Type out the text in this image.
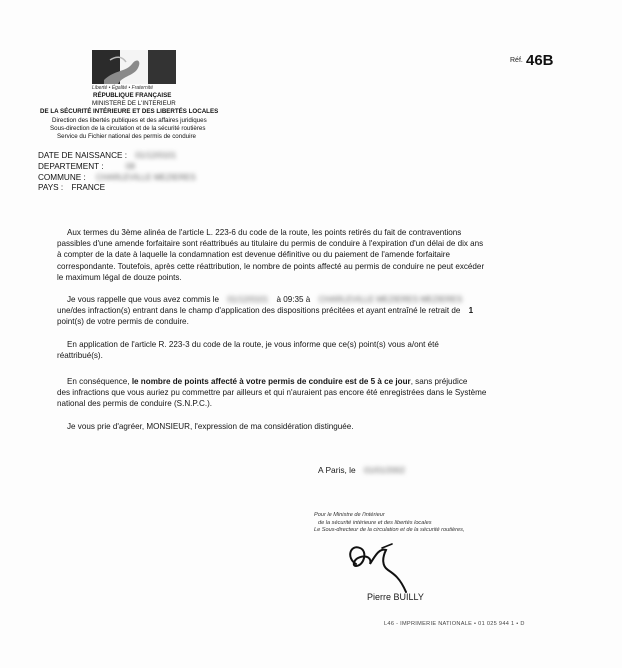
Liberté • Égalité • Fraternité
RÉPUBLIQUE FRANÇAISE
MINISTERE DE L'INTERIEUR
DE LA SÉCURITÉ INTÉRIEURE ET DES LIBERTÉS LOCALES
Direction des libertés publiques et des affaires juridiques
Sous-direction de la circulation et de la sécurité routières
Service du Fichier national des permis de conduire
Réf. 46B
DATE DE NAISSANCE : 01/12/0101
DEPARTEMENT :	08
COMMUNE : CHARLEVILLE MEZIERES
PAYS : FRANCE
Aux termes du 3ème alinéa de l'article L. 223-6 du code de la route, les points retirés du fait de contraventions
passibles d'une amende forfaitaire sont réattribués au titulaire du permis de conduire à l'expiration d'un délai de dix ans
à compter de la date à laquelle la condamnation est devenue définitive ou du paiement de l'amende forfaitaire
correspondante. Toutefois, après cette réattribution, le nombre de points affecté au permis de conduire ne peut excéder
le maximum légal de douze points.
Je vous rappelle que vous avez commis le 01/12/0101 à 09:35 à CHARLEVILLE MEZIERES MEZIERES
une/des infraction(s) entrant dans le champ d'application des dispositions précitées et ayant entraîné le retrait de 1
point(s) de votre permis de conduire.
En application de l'article R. 223-3 du code de la route, je vous informe que ce(s) point(s) vous a/ont été
réattribué(s).
En conséquence, le nombre de points affecté à votre permis de conduire est de 5 à ce jour, sans préjudice
des infractions que vous auriez pu commettre par ailleurs et qui n'auraient pas encore été enregistrées dans le Système
national des permis de conduire (S.N.P.C.).
Je vous prie d'agréer, MONSIEUR, l'expression de ma considération distinguée.
A Paris, le 01/01/2002
Pour le Ministre de l'intérieur
de la sécurité intérieure et des libertés locales
Le Sous-directeur de la circulation et de la sécurité routières,
Pierre BUILLY
L46 - IMPRIMERIE NATIONALE • 01 025 944 1 • D
